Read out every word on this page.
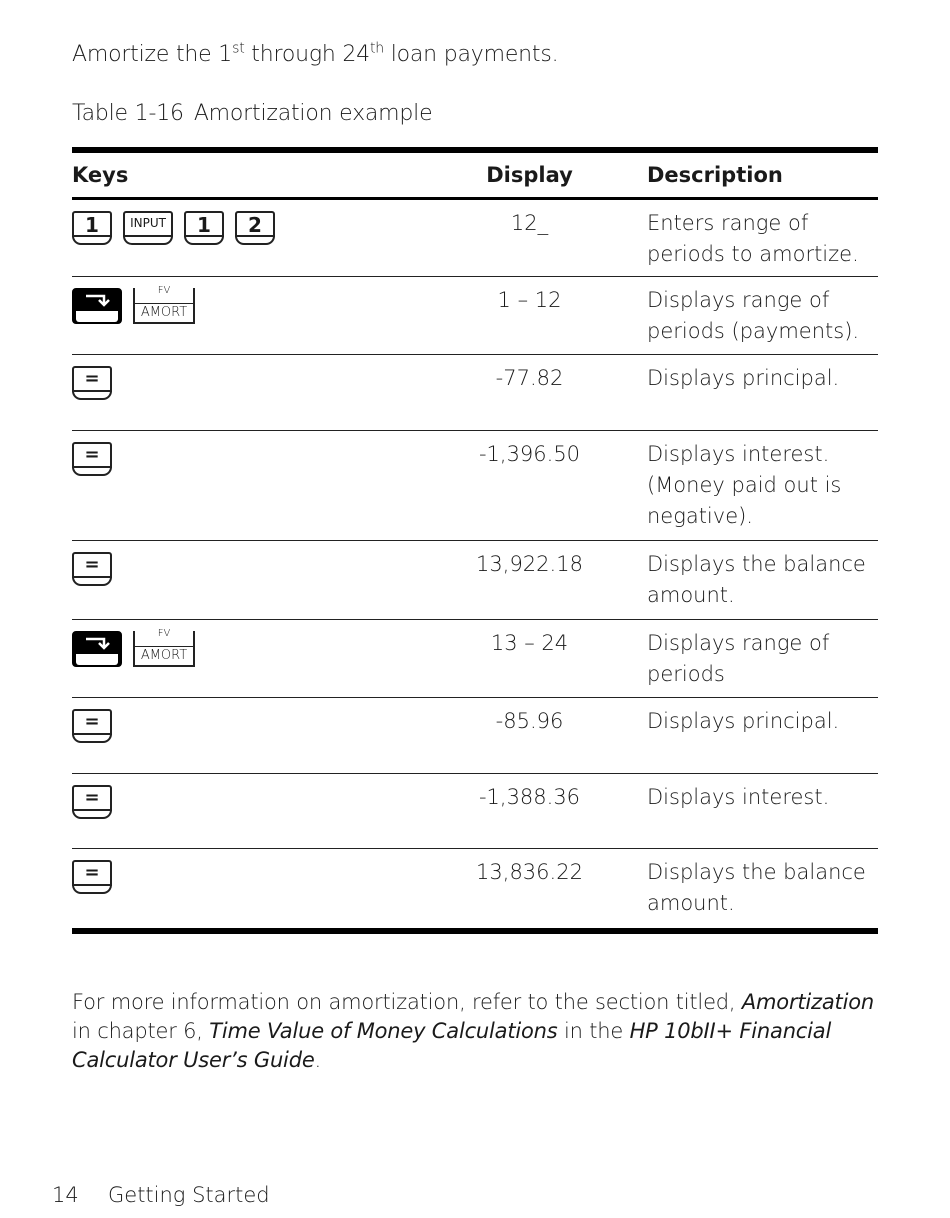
Amortize the 1st through 24th loan payments.
Table 1-16 Amortization example
Keys	Display	Description

1 INPUT 1 2	12_	Enters range of periods to amortize.

FV
AMORT	1 – 12	Displays range of periods (payments).

=	-77.82	Displays principal.

=	-1,396.50	Displays interest. (Money paid out is negative).

=	13,922.18	Displays the balance amount.

FV
AMORT	13 – 24	Displays range of periods

=	-85.96	Displays principal.

=	-1,388.36	Displays interest.

=	13,836.22	Displays the balance amount.
For more information on amortization, refer to the section titled, Amortization in chapter 6, Time Value of Money Calculations in the HP 10bII+ Financial Calculator User’s Guide.
14 Getting Started
